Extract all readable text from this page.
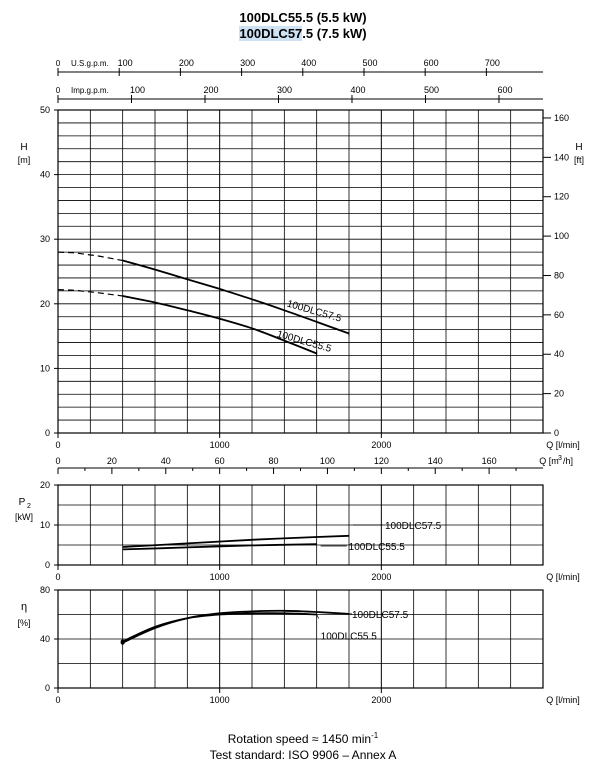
100DLC55.5 (5.5 kW)
100DLC57.5 (7.5 kW)
0
10
20
30
40
50
0
20
40
60
80
100
120
140
160
0	1000	2000	Q [l/min]
H
[m]
H
[ft]
0	100	200	300	400	500	600	700
U.S.g.p.m.
0	100	200	300	400	500	600
Imp.g.p.m.
100DLC57.5
100DLC55.5
0	20	40	60	80	100	120	140	160	Q [m 3 /h]
0
10
20
0	1000	2000	Q [l/min]
P 2
[kW]
100DLC57.5
100DLC55.5
0
40
80
0	1000	2000	Q [l/min]
η
[%]
100DLC57.5
100DLC55.5
Rotation speed ≈ 1450 $\min^{-1}$
Test standard: ISO 9906 – Annex A
